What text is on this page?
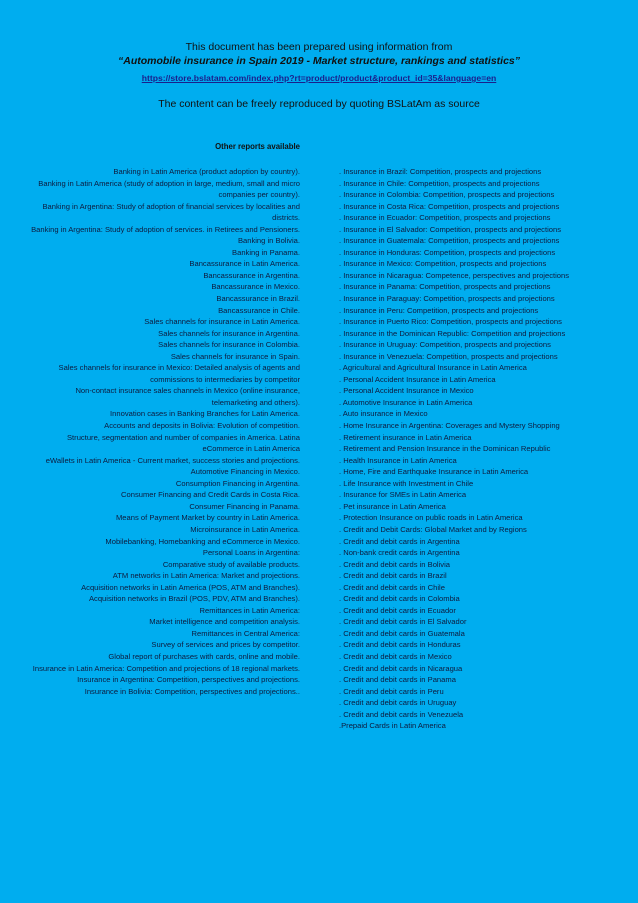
This document has been prepared using information from
“Automobile insurance in Spain 2019 - Market structure, rankings and statistics”
https://store.bslatam.com/index.php?rt=product/product&product_id=35&language=en
The content can be freely reproduced by quoting BSLatAm as source
Other reports available
Banking in Latin America (product adoption by country).
Banking in Latin America (study of adoption in large, medium, small and micro companies per country).
Banking in Argentina: Study of adoption of financial services by localities and districts.
Banking in Argentina: Study of adoption of services. in Retirees and Pensioners.
Banking in Bolivia.
Banking in Panama.
Bancassurance in Latin America.
Bancassurance in Argentina.
Bancassurance in Mexico.
Bancassurance in Brazil.
Bancassurance in Chile.
Sales channels for insurance in Latin America.
Sales channels for insurance in Argentina.
Sales channels for insurance in Colombia.
Sales channels for insurance in Spain.
Sales channels for insurance in Mexico: Detailed analysis of agents and commissions to intermediaries by competitor
Non-contact insurance sales channels in Mexico (online insurance, telemarketing and others).
Innovation cases in Banking Branches for Latin America.
Accounts and deposits in Bolivia: Evolution of competition.
Structure, segmentation and number of companies in America. Latina
eCommerce in Latin America
eWallets in Latin America - Current market, success stories and projections.
Automotive Financing in Mexico.
Consumption Financing in Argentina.
Consumer Financing and Credit Cards in Costa Rica.
Consumer Financing in Panama.
Means of Payment Market by country in Latin America.
Microinsurance in Latin America.
Mobilebanking, Homebanking and eCommerce in Mexico.
Personal Loans in Argentina:
Comparative study of available products.
ATM networks in Latin America: Market and projections.
Acquisition networks in Latin America (POS, ATM and Branches).
Acquisition networks in Brazil (POS, PDV, ATM and Branches).
Remittances in Latin America:
Market intelligence and competition analysis.
Remittances in Central America:
Survey of services and prices by competitor.
Global report of purchases with cards, online and mobile.
Insurance in Latin America: Competition and projections of 18 regional markets.
Insurance in Argentina: Competition, perspectives and projections.
Insurance in Bolivia: Competition, perspectives and projections..
. Insurance in Brazil: Competition, prospects and projections
. Insurance in Chile: Competition, prospects and projections
. Insurance in Colombia: Competition, prospects and projections
. Insurance in Costa Rica: Competition, prospects and projections
. Insurance in Ecuador: Competition, prospects and projections
. Insurance in El Salvador: Competition, prospects and projections
. Insurance in Guatemala: Competition, prospects and projections
. Insurance in Honduras: Competition, prospects and projections
. Insurance in Mexico: Competition, prospects and projections
. Insurance in Nicaragua: Competence, perspectives and projections
. Insurance in Panama: Competition, prospects and projections
. Insurance in Paraguay: Competition, prospects and projections
. Insurance in Peru: Competition, prospects and projections
. Insurance in Puerto Rico: Competition, prospects and projections
. Insurance in the Dominican Republic: Competition and projections
. Insurance in Uruguay: Competition, prospects and projections
. Insurance in Venezuela: Competition, prospects and projections
. Agricultural and Agricultural Insurance in Latin America
. Personal Accident Insurance in Latin America
. Personal Accident Insurance in Mexico
. Automotive Insurance in Latin America
. Auto insurance in Mexico
. Home Insurance in Argentina: Coverages and Mystery Shopping
. Retirement insurance in Latin America
. Retirement and Pension Insurance in the Dominican Republic
. Health Insurance in Latin America
. Home, Fire and Earthquake Insurance in Latin America
. Life Insurance with Investment in Chile
. Insurance for SMEs in Latin America
. Pet insurance in Latin America
. Protection Insurance on public roads in Latin America
. Credit and Debit Cards: Global Market and by Regions
. Credit and debit cards in Argentina
. Non-bank credit cards in Argentina
. Credit and debit cards in Bolivia
. Credit and debit cards in Brazil
. Credit and debit cards in Chile
. Credit and debit cards in Colombia
. Credit and debit cards in Ecuador
. Credit and debit cards in El Salvador
. Credit and debit cards in Guatemala
. Credit and debit cards in Honduras
. Credit and debit cards in Mexico
. Credit and debit cards in Nicaragua
. Credit and debit cards in Panama
. Credit and debit cards in Peru
. Credit and debit cards in Uruguay
. Credit and debit cards in Venezuela
.Prepaid Cards in Latin America
